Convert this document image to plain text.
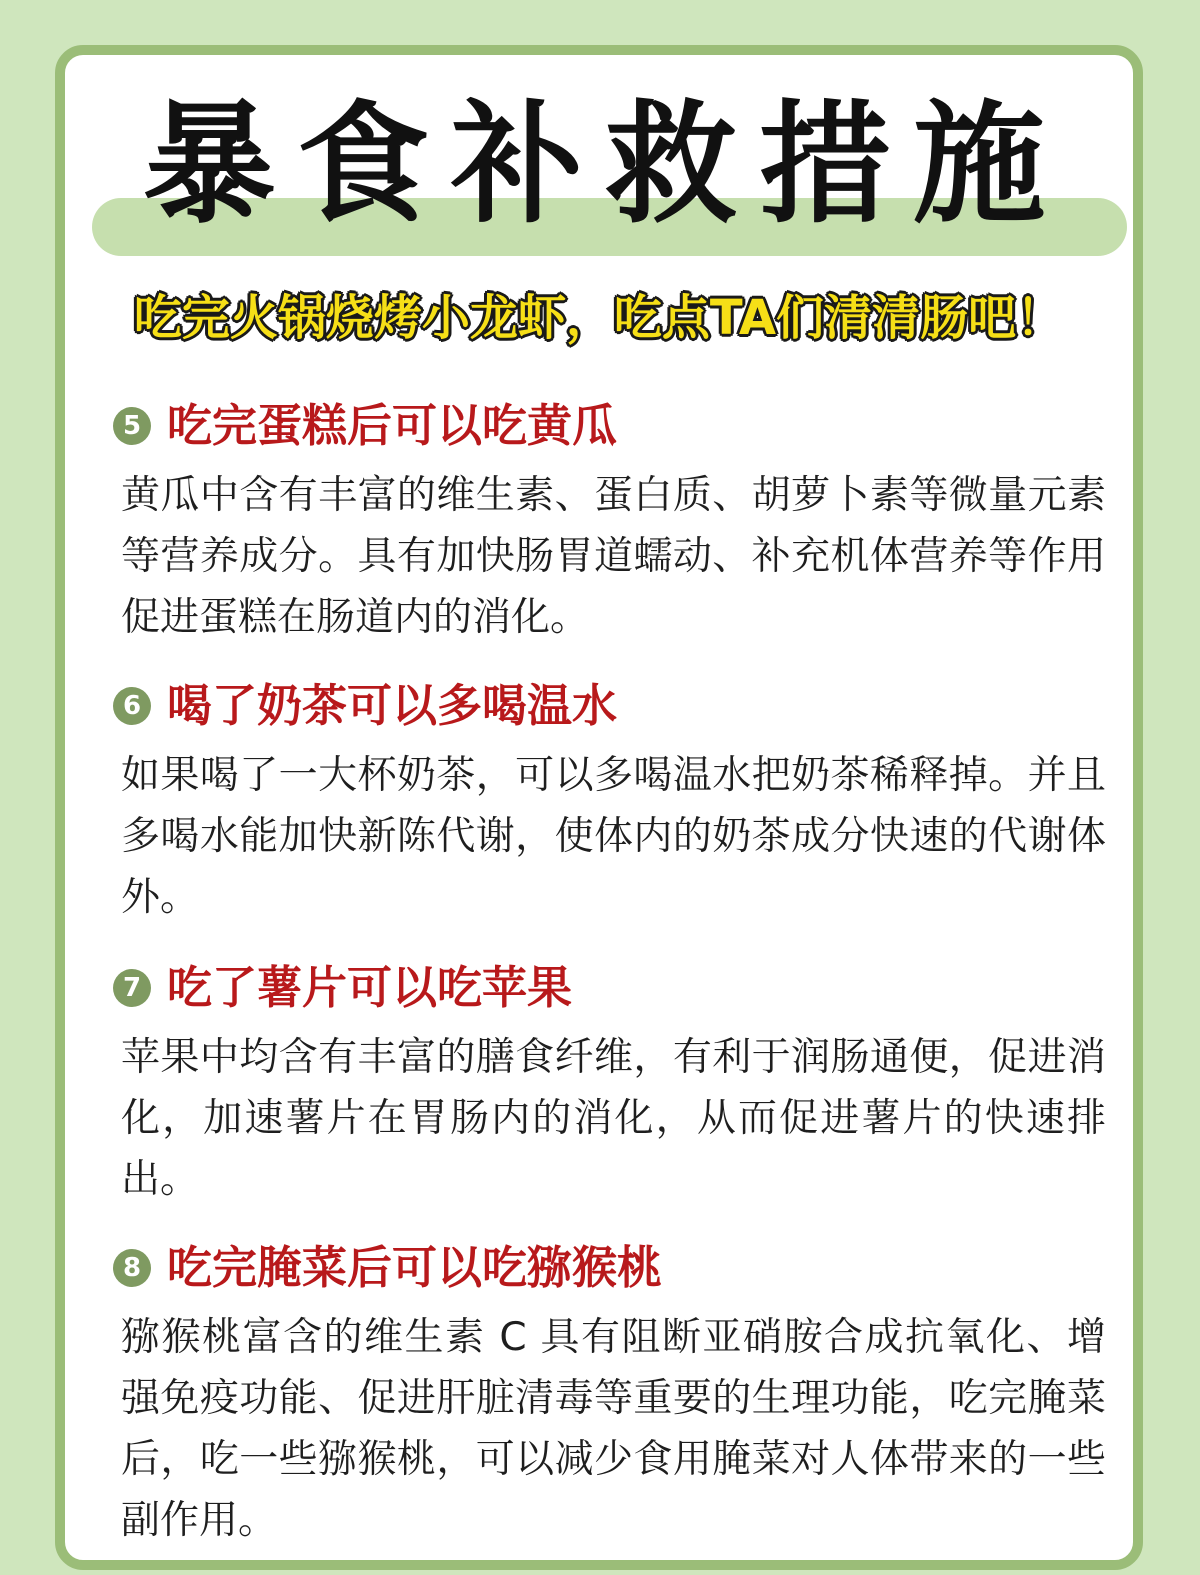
暴食补救措施
吃完火锅烧烤小龙虾，吃点TA们清清肠吧！
5 吃完蛋糕后可以吃黄瓜
黄瓜中含有丰富的维生素、蛋白质、胡萝卜素等微量元素等营养成分。具有加快肠胃道蠕动、补充机体营养等作用促进蛋糕在肠道内的消化。
6 喝了奶茶可以多喝温水
如果喝了一大杯奶茶，可以多喝温水把奶茶稀释掉。并且多喝水能加快新陈代谢，使体内的奶茶成分快速的代谢体外。
7 吃了薯片可以吃苹果
苹果中均含有丰富的膳食纤维，有利于润肠通便，促进消化，加速薯片在胃肠内的消化，从而促进薯片的快速排出。
8 吃完腌菜后可以吃猕猴桃
猕猴桃富含的维生素 C 具有阻断亚硝胺合成抗氧化、增强免疫功能、促进肝脏清毒等重要的生理功能，吃完腌菜后，吃一些猕猴桃，可以减少食用腌菜对人体带来的一些副作用。
